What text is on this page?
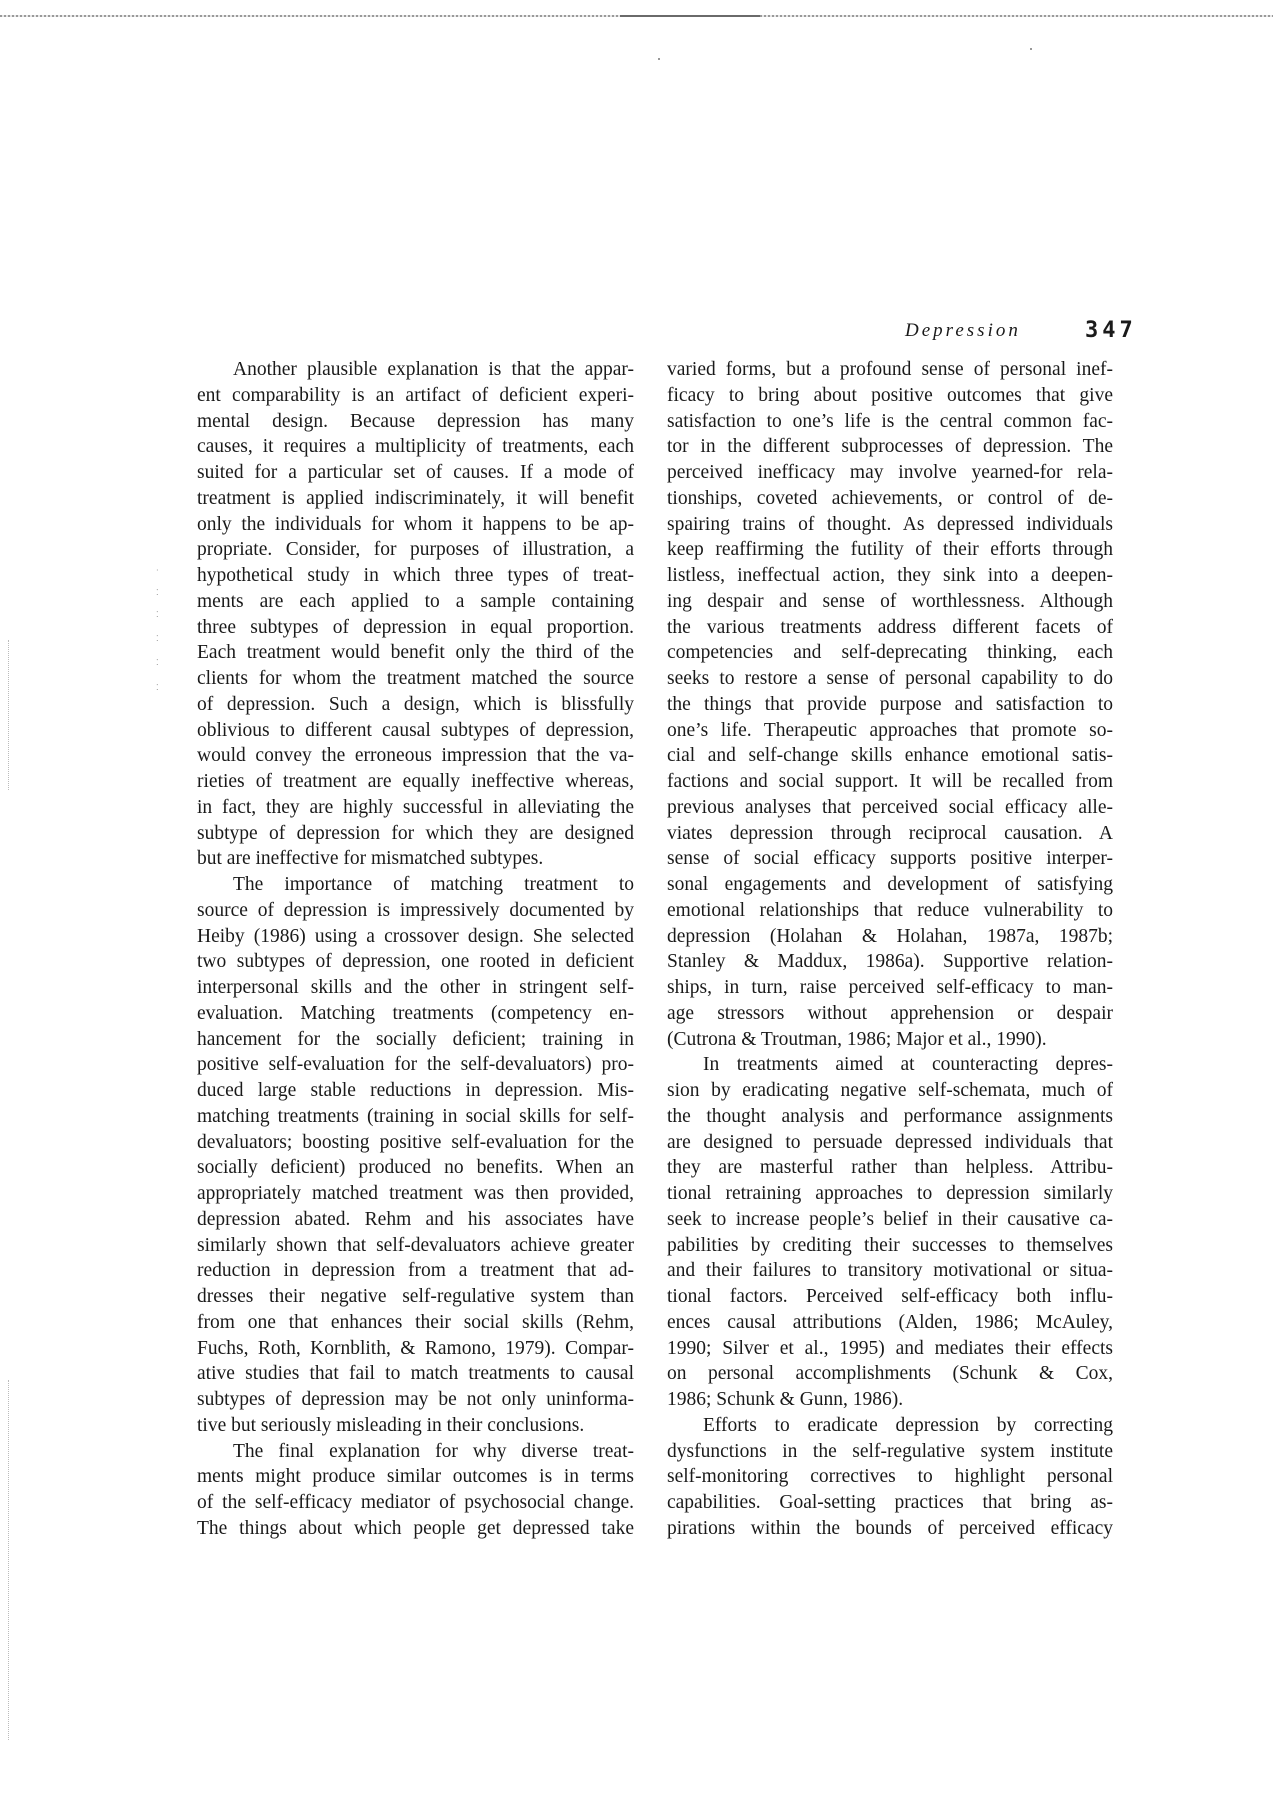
·
⁚
⁚
⁚
⁚
⁚
Depression	347
Another plausible explanation is that the appar-
ent comparability is an artifact of deficient experi-
mental design. Because depression has many
causes, it requires a multiplicity of treatments, each
suited for a particular set of causes. If a mode of
treatment is applied indiscriminately, it will benefit
only the individuals for whom it happens to be ap-
propriate. Consider, for purposes of illustration, a
hypothetical study in which three types of treat-
ments are each applied to a sample containing
three subtypes of depression in equal proportion.
Each treatment would benefit only the third of the
clients for whom the treatment matched the source
of depression. Such a design, which is blissfully
oblivious to different causal subtypes of depression,
would convey the erroneous impression that the va-
rieties of treatment are equally ineffective whereas,
in fact, they are highly successful in alleviating the
subtype of depression for which they are designed
but are ineffective for mismatched subtypes.
The importance of matching treatment to
source of depression is impressively documented by
Heiby (1986) using a crossover design. She selected
two subtypes of depression, one rooted in deficient
interpersonal skills and the other in stringent self-
evaluation. Matching treatments (competency en-
hancement for the socially deficient; training in
positive self-evaluation for the self-devaluators) pro-
duced large stable reductions in depression. Mis-
matching treatments (training in social skills for self-
devaluators; boosting positive self-evaluation for the
socially deficient) produced no benefits. When an
appropriately matched treatment was then provided,
depression abated. Rehm and his associates have
similarly shown that self-devaluators achieve greater
reduction in depression from a treatment that ad-
dresses their negative self-regulative system than
from one that enhances their social skills (Rehm,
Fuchs, Roth, Kornblith, & Ramono, 1979). Compar-
ative studies that fail to match treatments to causal
subtypes of depression may be not only uninforma-
tive but seriously misleading in their conclusions.
The final explanation for why diverse treat-
ments might produce similar outcomes is in terms
of the self-efficacy mediator of psychosocial change.
The things about which people get depressed take
varied forms, but a profound sense of personal inef-
ficacy to bring about positive outcomes that give
satisfaction to one’s life is the central common fac-
tor in the different subprocesses of depression. The
perceived inefficacy may involve yearned-for rela-
tionships, coveted achievements, or control of de-
spairing trains of thought. As depressed individuals
keep reaffirming the futility of their efforts through
listless, ineffectual action, they sink into a deepen-
ing despair and sense of worthlessness. Although
the various treatments address different facets of
competencies and self-deprecating thinking, each
seeks to restore a sense of personal capability to do
the things that provide purpose and satisfaction to
one’s life. Therapeutic approaches that promote so-
cial and self-change skills enhance emotional satis-
factions and social support. It will be recalled from
previous analyses that perceived social efficacy alle-
viates depression through reciprocal causation. A
sense of social efficacy supports positive interper-
sonal engagements and development of satisfying
emotional relationships that reduce vulnerability to
depression (Holahan & Holahan, 1987a, 1987b;
Stanley & Maddux, 1986a). Supportive relation-
ships, in turn, raise perceived self-efficacy to man-
age stressors without apprehension or despair
(Cutrona & Troutman, 1986; Major et al., 1990).
In treatments aimed at counteracting depres-
sion by eradicating negative self-schemata, much of
the thought analysis and performance assignments
are designed to persuade depressed individuals that
they are masterful rather than helpless. Attribu-
tional retraining approaches to depression similarly
seek to increase people’s belief in their causative ca-
pabilities by crediting their successes to themselves
and their failures to transitory motivational or situa-
tional factors. Perceived self-efficacy both influ-
ences causal attributions (Alden, 1986; McAuley,
1990; Silver et al., 1995) and mediates their effects
on personal accomplishments (Schunk & Cox,
1986; Schunk & Gunn, 1986).
Efforts to eradicate depression by correcting
dysfunctions in the self-regulative system institute
self-monitoring correctives to highlight personal
capabilities. Goal-setting practices that bring as-
pirations within the bounds of perceived efficacy
